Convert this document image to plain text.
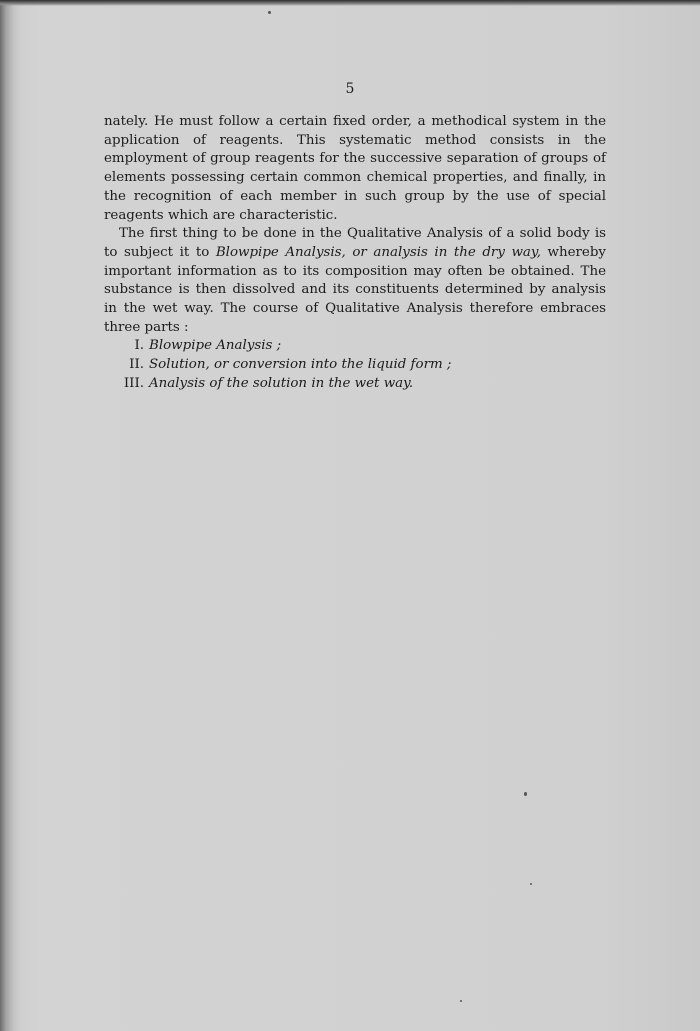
5

nately. He must follow a certain fixed order, a methodical system in the application of reagents. This systematic method consists in the employment of group reagents for the successive separation of groups of elements possessing certain common chemical properties, and finally, in the recognition of each member in such group by the use of special reagents which are characteristic.

The first thing to be done in the Qualitative Analysis of a solid body is to subject it to Blowpipe Analysis, or analysis in the dry way, whereby important information as to its composition may often be obtained. The substance is then dissolved and its constituents determined by analysis in the wet way. The course of Qualitative Analysis therefore embraces three parts :

I. Blowpipe Analysis ;
II. Solution, or conversion into the liquid form ;
III. Analysis of the solution in the wet way.
